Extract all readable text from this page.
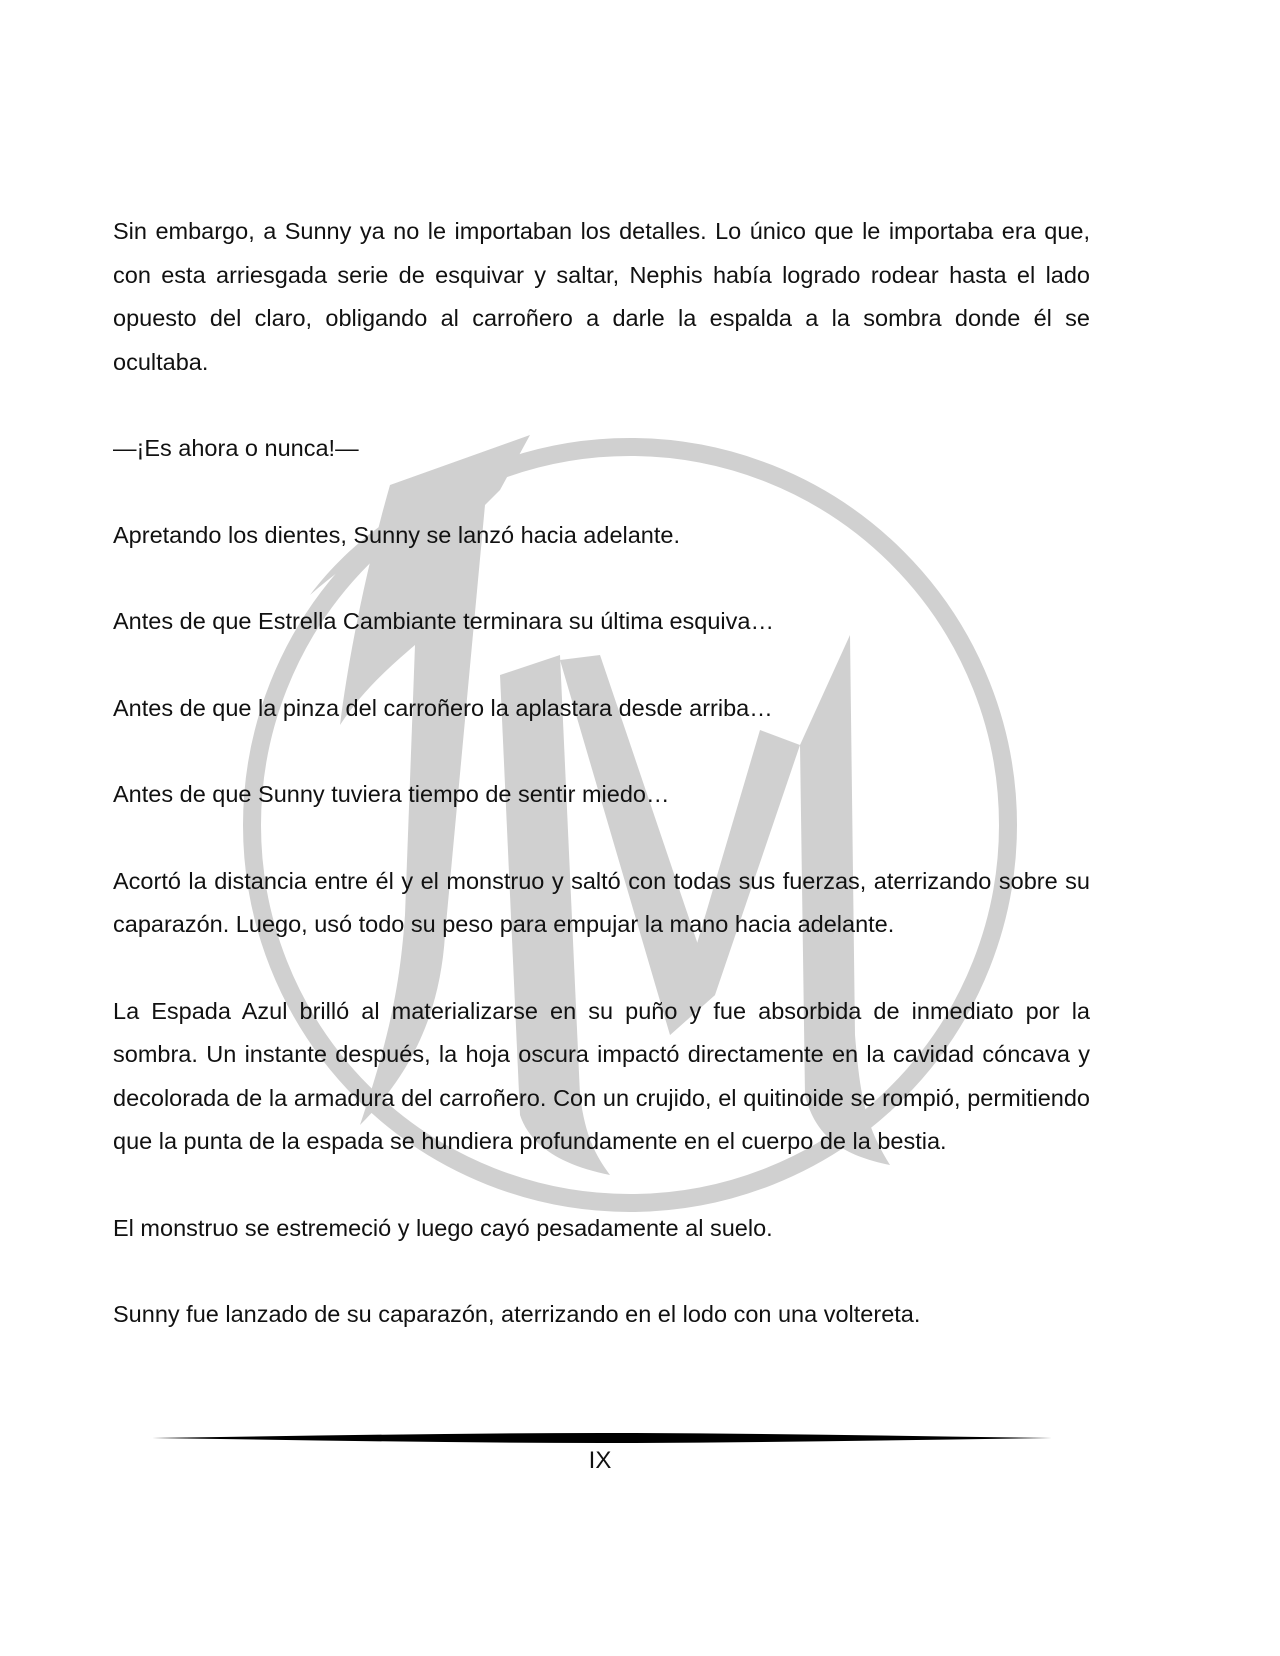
Sin embargo, a Sunny ya no le importaban los detalles. Lo único que le importaba era que, con esta arriesgada serie de esquivar y saltar, Nephis había logrado rodear hasta el lado opuesto del claro, obligando al carroñero a darle la espalda a la sombra donde él se ocultaba.

—¡Es ahora o nunca!—

Apretando los dientes, Sunny se lanzó hacia adelante.

Antes de que Estrella Cambiante terminara su última esquiva…

Antes de que la pinza del carroñero la aplastara desde arriba…

Antes de que Sunny tuviera tiempo de sentir miedo…

Acortó la distancia entre él y el monstruo y saltó con todas sus fuerzas, aterrizando sobre su caparazón. Luego, usó todo su peso para empujar la mano hacia adelante.

La Espada Azul brilló al materializarse en su puño y fue absorbida de inmediato por la sombra. Un instante después, la hoja oscura impactó directamente en la cavidad cóncava y decolorada de la armadura del carroñero. Con un crujido, el quitinoide se rompió, permitiendo que la punta de la espada se hundiera profundamente en el cuerpo de la bestia.

El monstruo se estremeció y luego cayó pesadamente al suelo.

Sunny fue lanzado de su caparazón, aterrizando en el lodo con una voltereta.

IX
